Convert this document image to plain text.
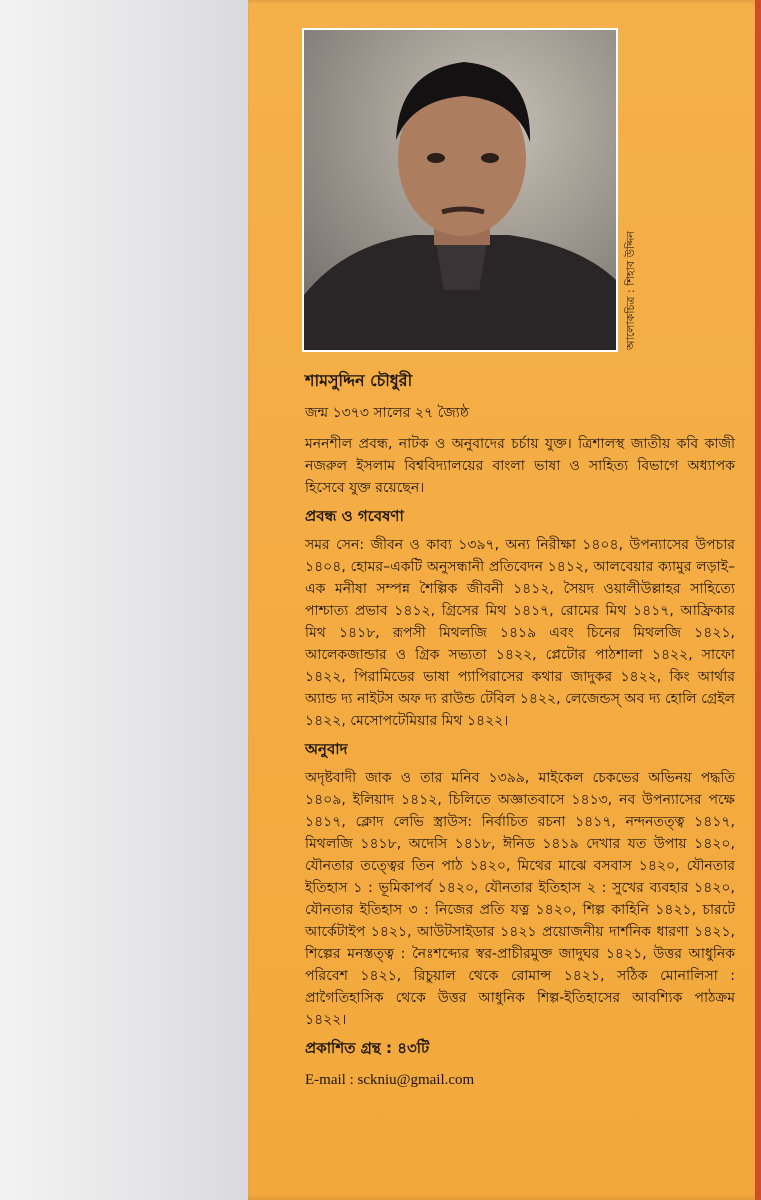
আলোকচিত্র : শিহাব উদ্দিন
শামসুদ্দিন চৌধুরী
জন্ম ১৩৭৩ সালের ২৭ জ্যৈষ্ঠ

মননশীল প্রবন্ধ, নাটক ও অনুবাদের চর্চায় যুক্ত। ত্রিশালস্থ জাতীয় কবি কাজী নজরুল ইসলাম বিশ্ববিদ্যালয়ের বাংলা ভাষা ও সাহিত্য বিভাগে অধ্যাপক হিসেবে যুক্ত রয়েছেন।

প্রবন্ধ ও গবেষণা

সমর সেন: জীবন ও কাব্য ১৩৯৭, অন্য নিরীক্ষা ১৪০৪, উপন্যাসের উপচার ১৪০৪, হোমর–একটি অনুসন্ধানী প্রতিবেদন ১৪১২, আলবেয়ার ক্যামুর লড়াই–এক মনীষা সম্পন্ন শৈল্পিক জীবনী ১৪১২, সৈয়দ ওয়ালীউল্লাহর সাহিত্যে পাশ্চাত্য প্রভাব ১৪১২, গ্রিসের মিথ ১৪১৭, রোমের মিথ ১৪১৭, আফ্রিকার মিথ ১৪১৮, রূপসী মিথলজি ১৪১৯ এবং চিনের মিথলজি ১৪২১, আলেকজান্ডার ও গ্রিক সভ্যতা ১৪২২, প্লেটোর পাঠশালা ১৪২২, সাফো ১৪২২, পিরামিডের ভাষা প্যাপিরাসের কথার জাদুকর ১৪২২, কিং আর্থার অ্যান্ড দ্য নাইটস অফ দ্য রাউন্ড টেবিল ১৪২২, লেজেন্ডস্ অব দ্য হোলি গ্রেইল ১৪২২, মেসোপটেমিয়ার মিথ ১৪২২।

অনুবাদ

অদৃষ্টবাদী জাক ও তার মনিব ১৩৯৯, মাইকেল চেকভের অভিনয় পদ্ধতি ১৪০৯, ইলিয়াদ ১৪১২, চিলিতে অজ্ঞাতবাসে ১৪১৩, নব উপন্যাসের পক্ষে ১৪১৭, ক্লোদ লেভি স্ত্রাউস: নির্বাচিত রচনা ১৪১৭, নন্দনতত্ত্ব ১৪১৭, মিথলজি ১৪১৮, অদেসি ১৪১৮, ঈনিড ১৪১৯ দেখার যত উপায় ১৪২০, যৌনতার তত্ত্বের তিন পাঠ ১৪২০, মিথের মাঝে বসবাস ১৪২০, যৌনতার ইতিহাস ১ : ভূমিকাপর্ব ১৪২০, যৌনতার ইতিহাস ২ : সুখের ব্যবহার ১৪২০, যৌনতার ইতিহাস ৩ : নিজের প্রতি যত্ন ১৪২০, শিল্প কাহিনি ১৪২১, চারটে আর্কেটাইপ ১৪২১, আউটসাইডার ১৪২১ প্রয়োজনীয় দার্শনিক ধারণা ১৪২১, শিল্পের মনস্তত্ত্ব : নৈঃশব্দ্যের স্বর-প্রাচীরমুক্ত জাদুঘর ১৪২১, উত্তর আধুনিক পরিবেশ ১৪২১, রিচুয়াল থেকে রোমান্স ১৪২১, সঠিক মোনালিসা : প্রাগৈতিহাসিক থেকে উত্তর আধুনিক শিল্প-ইতিহাসের আবশ্যিক পাঠক্রম ১৪২২।

প্রকাশিত গ্রন্থ : ৪৩টি
E-mail : sckniu@gmail.com
